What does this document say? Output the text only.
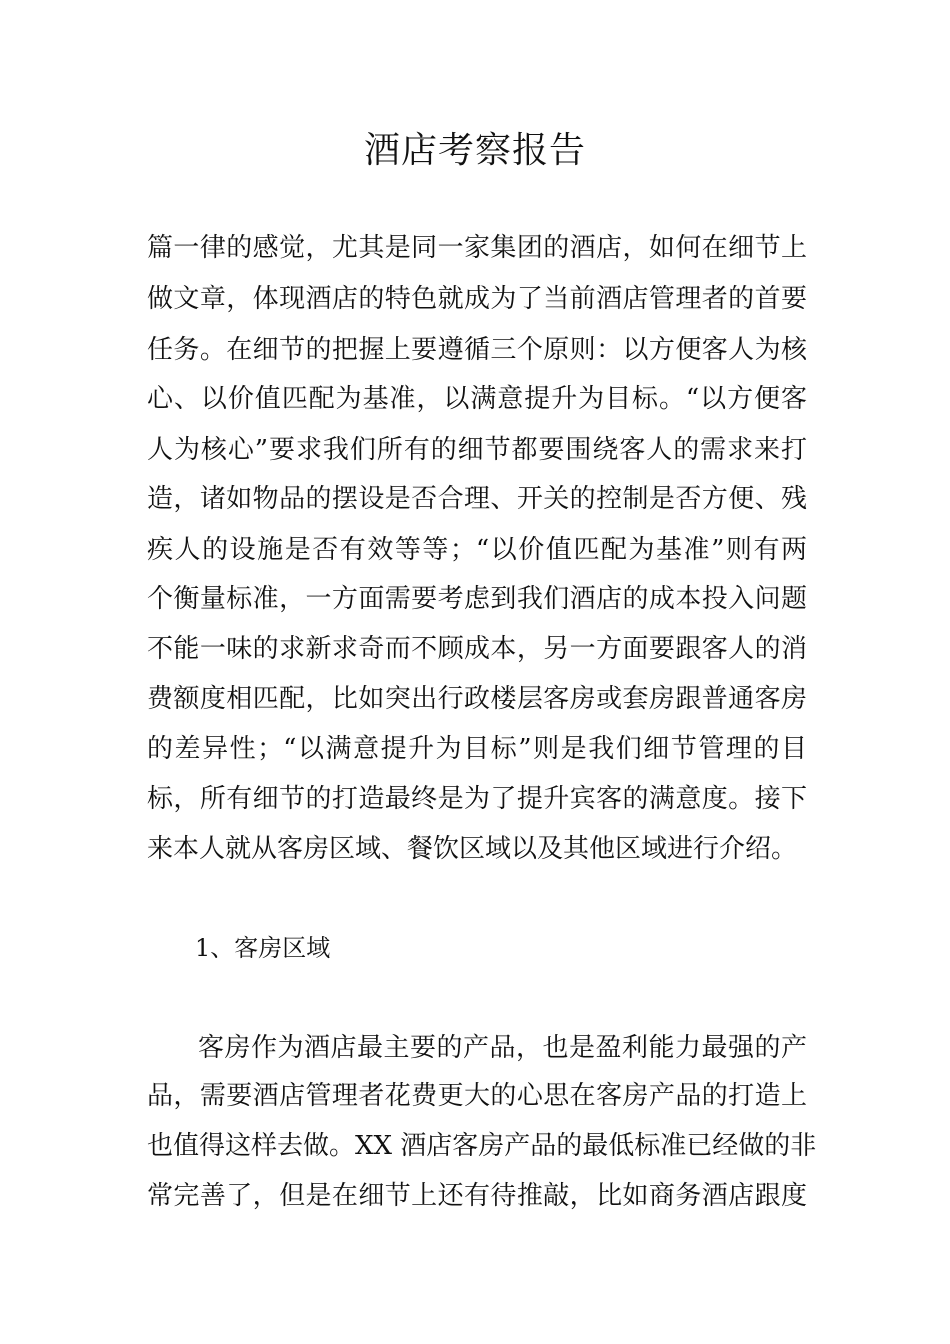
酒店考察报告
篇一律的感觉，尤其是同一家集团的酒店，如何在细节上
做文章，体现酒店的特色就成为了当前酒店管理者的首要
任务。在细节的把握上要遵循三个原则：以方便客人为核
心、以价值匹配为基准，以满意提升为目标。“以方便客
人为核心”要求我们所有的细节都要围绕客人的需求来打
造，诸如物品的摆设是否合理、开关的控制是否方便、残
疾人的设施是否有效等等；“以价值匹配为基准”则有两
个衡量标准，一方面需要考虑到我们酒店的成本投入问题
不能一味的求新求奇而不顾成本，另一方面要跟客人的消
费额度相匹配，比如突出行政楼层客房或套房跟普通客房
的差异性；“以满意提升为目标”则是我们细节管理的目
标，所有细节的打造最终是为了提升宾客的满意度。接下
来本人就从客房区域、餐饮区域以及其他区域进行介绍。
1、客房区域
客房作为酒店最主要的产品，也是盈利能力最强的产
品，需要酒店管理者花费更大的心思在客房产品的打造上
也值得这样去做。XX 酒店客房产品的最低标准已经做的非
常完善了，但是在细节上还有待推敲，比如商务酒店跟度
